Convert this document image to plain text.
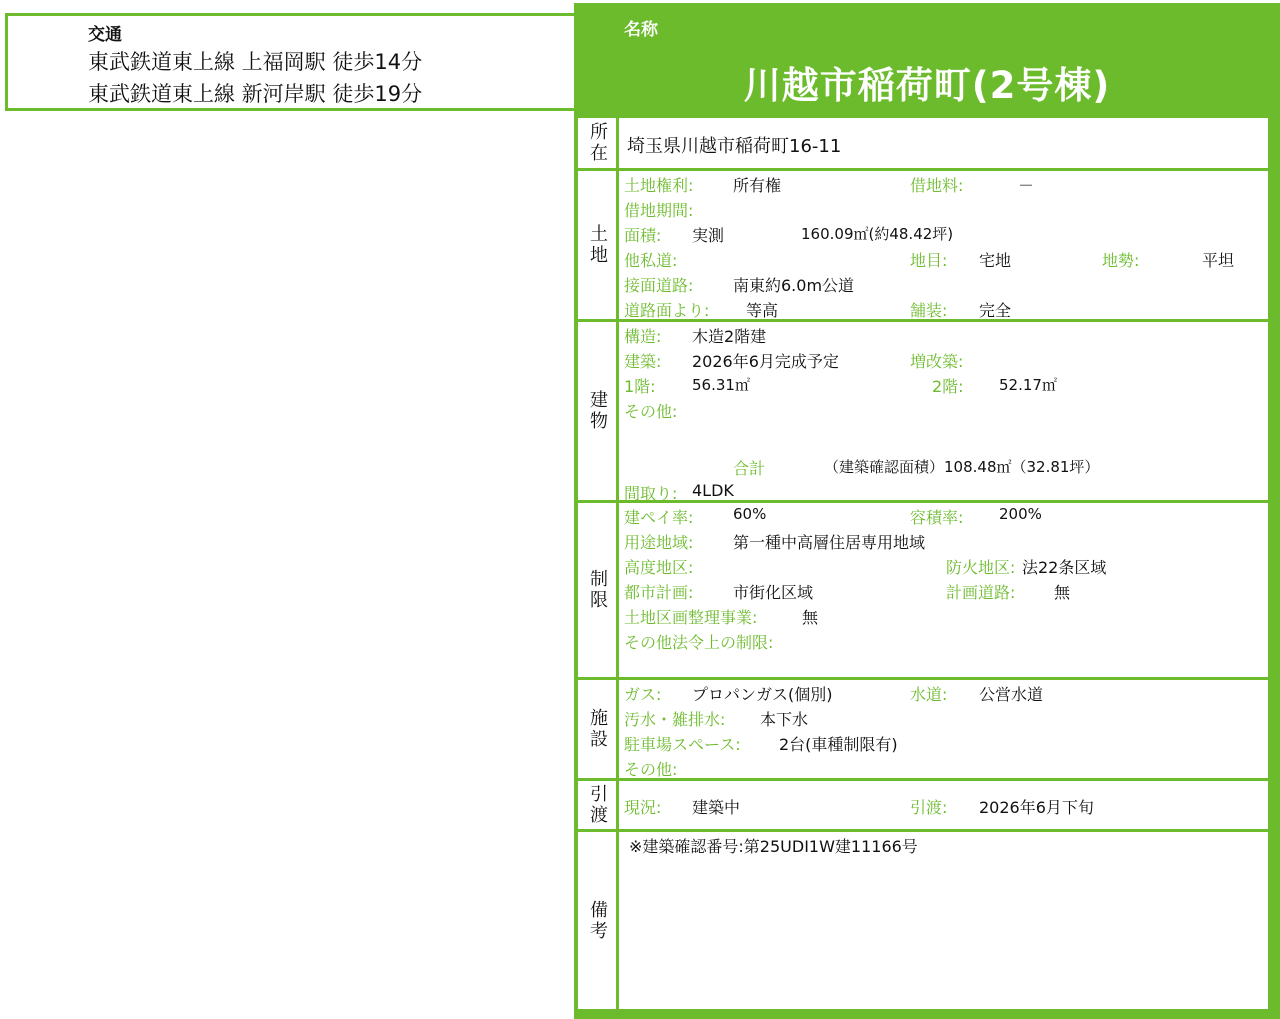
交通
東武鉄道東上線 上福岡駅 徒歩14分
東武鉄道東上線 新河岸駅 徒歩19分
名称
川越市稲荷町(2号棟)
所在 埼玉県川越市稲荷町16-11
土地
土地権利: 所有権	借地料:	－
借地期間:
面積: 実測	160.09㎡(約48.42坪)
他私道:	地目: 宅地	地勢:	平坦
接面道路: 南東約6.0m公道
道路面より: 等高	舗装: 完全
建物
構造: 木造2階建
建築: 2026年6月完成予定	増改築:
1階: 56.31㎡	2階: 52.17㎡
その他:
合計	（建築確認面積）108.48㎡（32.81坪）
間取り: 4LDK
制限
建ペイ率:	60%	容積率: 200%
用途地域: 第一種中高層住居専用地域
高度地区:	防火地区: 法22条区域
都市計画: 市街化区域	計画道路: 無
土地区画整理事業:	無
その他法令上の制限:
施設
ガス: プロパンガス(個別)	水道: 公営水道
汚水・雑排水: 本下水
駐車場スペース: 2台(車種制限有)
その他:
引渡 現況: 建築中	引渡: 2026年6月下旬
備考
※建築確認番号:第25UDI1W建11166号
